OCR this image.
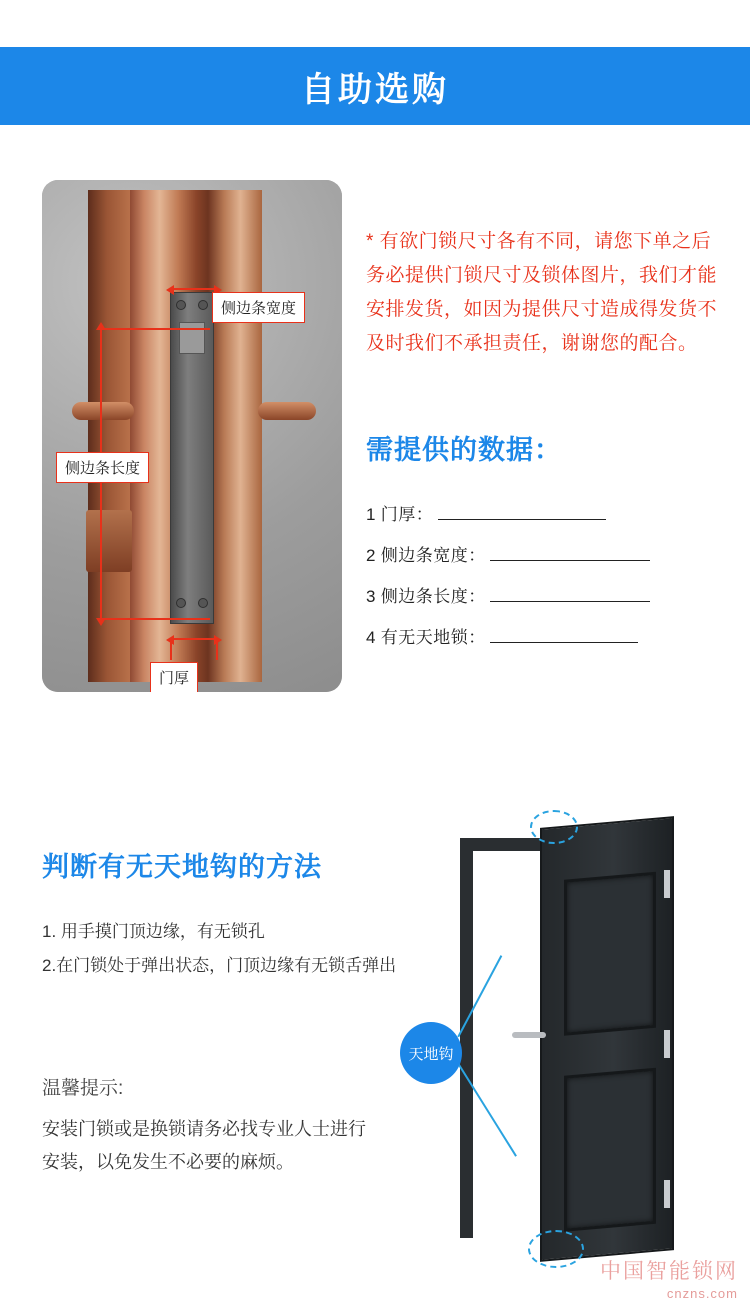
自助选购
侧边条宽度
侧边条长度
门厚
* 有欲门锁尺寸各有不同，请您下单之后务必提供门锁尺寸及锁体图片，我们才能安排发货，如因为提供尺寸造成得发货不及时我们不承担责任，谢谢您的配合。
需提供的数据：
1 门厚：
2 侧边条宽度：
3 侧边条长度：
4 有无天地锁：
判断有无天地钩的方法
1. 用手摸门顶边缘，有无锁孔
2.在门锁处于弹出状态，门顶边缘有无锁舌弹出
温馨提示:
安装门锁或是换锁请务必找专业人士进行安装，以免发生不必要的麻烦。
天地钩
中国智能锁网
cnzns.com
